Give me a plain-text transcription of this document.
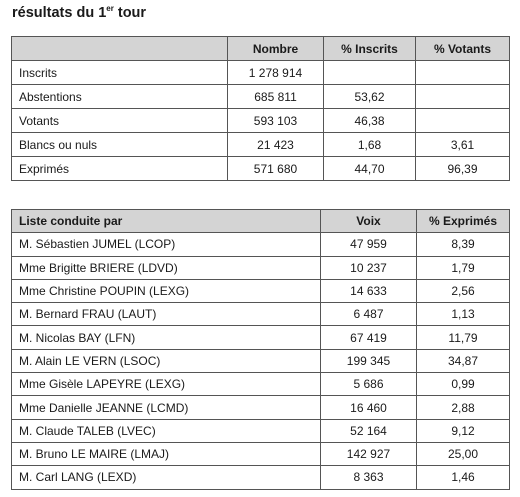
résultats du 1er tour
	Nombre	% Inscrits	% Votants
Inscrits	1 278 914		
Abstentions	685 811	53,62	
Votants	593 103	46,38	
Blancs ou nuls	21 423	1,68	3,61
Exprimés	571 680	44,70	96,39
Liste conduite par	Voix	% Exprimés
M. Sébastien JUMEL (LCOP)	47 959	8,39
Mme Brigitte BRIERE (LDVD)	10 237	1,79
Mme Christine POUPIN (LEXG)	14 633	2,56
M. Bernard FRAU (LAUT)	6 487	1,13
M. Nicolas BAY (LFN)	67 419	11,79
M. Alain LE VERN (LSOC)	199 345	34,87
Mme Gisèle LAPEYRE (LEXG)	5 686	0,99
Mme Danielle JEANNE (LCMD)	16 460	2,88
M. Claude TALEB (LVEC)	52 164	9,12
M. Bruno LE MAIRE (LMAJ)	142 927	25,00
M. Carl LANG (LEXD)	8 363	1,46
